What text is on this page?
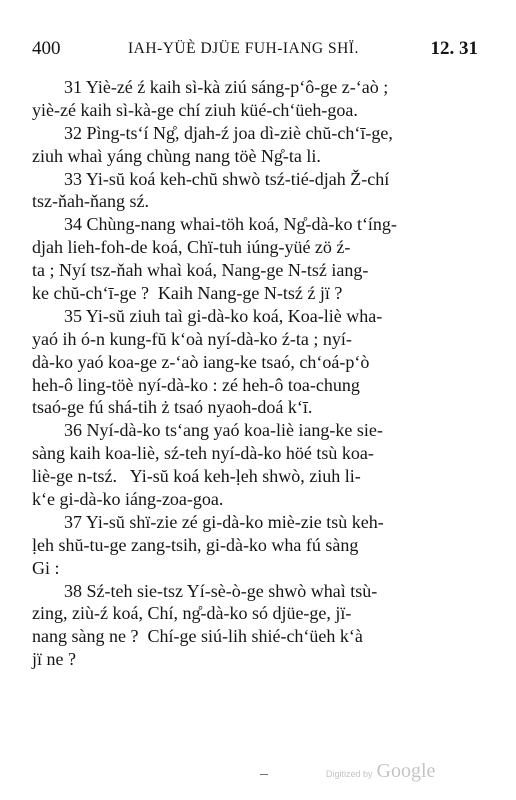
400	IAH-YÜÈ DJÜE FUH-IANG SHÏ.	12. 31
31 Yiè-zé ź kaih sì-kà ziú sáng-p‘ô-ge z-‘aò ;
yiè-zé kaih sì-kà-ge chí ziuh küé-ch‘üeh-goa.
32 Pìng-ts‘í Ng̊, djah-ź joa dì-ziè chŭ-ch‘ī-ge,
ziuh whaì yáng chùng nang töè Ng̊-ta li.
33 Yi-sŭ koá keh-chŭ shwò tsź-tié-djah Ž-chí
tsz-ňah-ňang sź.
34 Chùng-nang whai-töh koá, Ng̊-dà-ko t‘íng-
djah lieh-foh-de koá, Chï-tuh iúng-yüé zö ź-
ta ; Nyí tsz-ňah whaì koá, Nang-ge N-tsź iang-
ke chŭ-ch‘ī-ge ?  Kaih Nang-ge N-tsź ź jï ?
35 Yi-sŭ ziuh taì gi-dà-ko koá, Koa-liè wha-
yaó ih ó-n kung-fŭ k‘oà nyí-dà-ko ź-ta ; nyí-
dà-ko yaó koa-ge z-‘aò iang-ke tsaó, ch‘oá-p‘ò
heh-ô ling-töè nyí-dà-ko : zé heh-ô toa-chung
tsaó-ge fú shá-tih ż tsaó nyaoh-doá k‘ī.
36 Nyí-dà-ko ts‘ang yaó koa-liè iang-ke sie-
sàng kaih koa-liè, sź-teh nyí-dà-ko höé tsù koa-
liè-ge n-tsź.   Yi-sŭ koá keh-ḷeh shwò, ziuh li-
k‘e gi-dà-ko iáng-zoa-goa.
37 Yi-sŭ shï-zie zé gi-dà-ko miè-zie tsù keh-
ḷeh shŭ-tu-ge zang-tsih, gi-dà-ko wha fú sàng
Gi :
38 Sź-teh sie-tsz Yí-sè-ò-ge shwò whaì tsù-
zing, ziù-ź koá, Chí, ng̊-dà-ko só djüe-ge, jï-
nang sàng ne ?  Chí-ge siú-lih shié-ch‘üeh k‘à
jï ne ?
Digitized by Google
